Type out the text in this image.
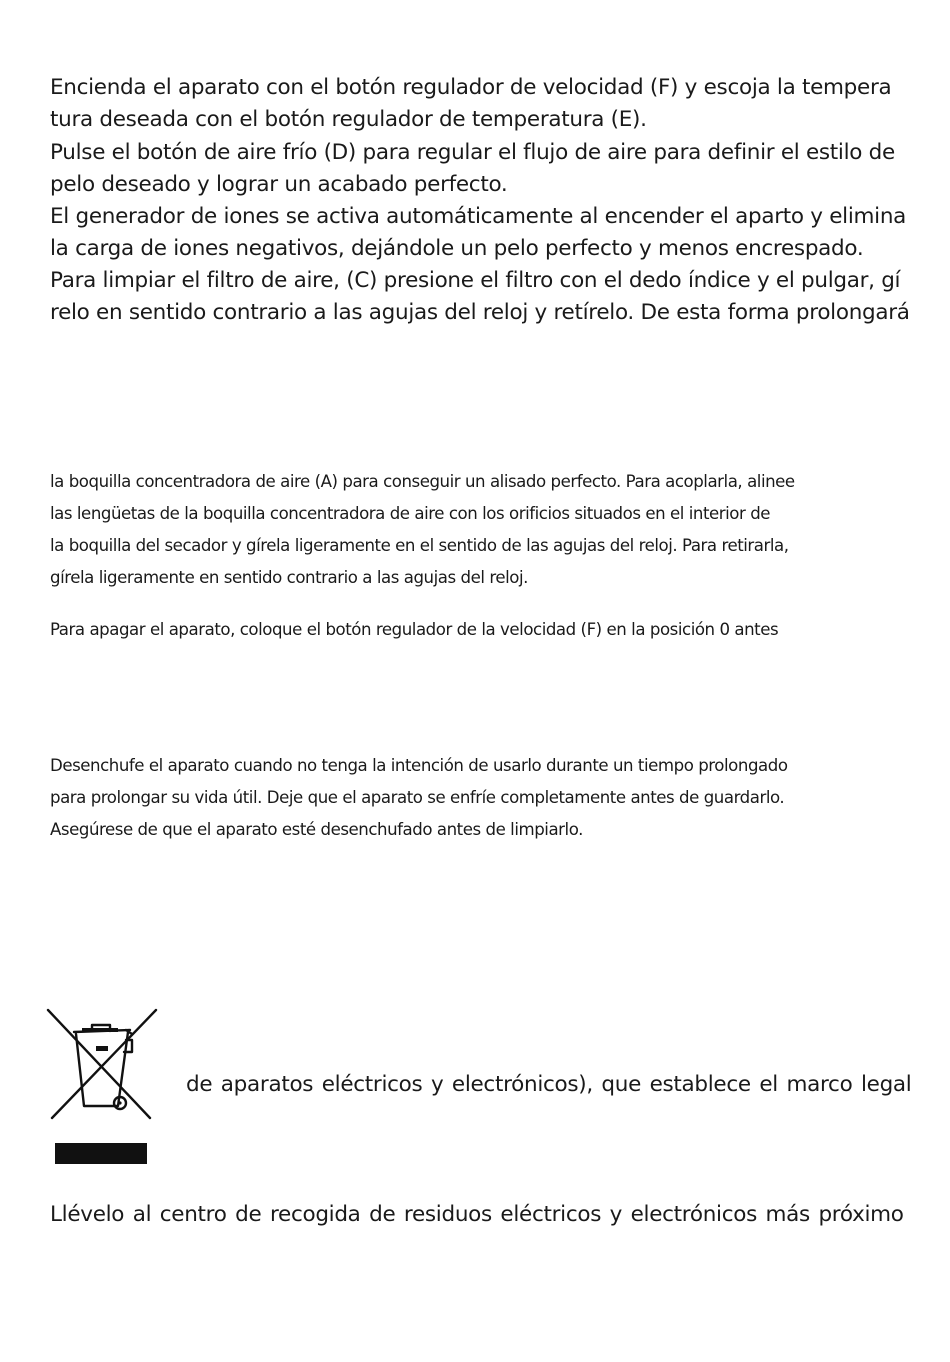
Encienda el aparato con el botón regulador de velocidad (F) y escoja la tempera

tura deseada con el botón regulador de temperatura (E).

Pulse el botón de aire frío (D) para regular el flujo de aire para definir el estilo de

pelo deseado y lograr un acabado perfecto.

El generador de iones se activa automáticamente al encender el aparto y elimina

la carga de iones negativos, dejándole un pelo perfecto y menos encrespado.

Para limpiar el filtro de aire, (C) presione el filtro con el dedo índice y el pulgar, gí

relo en sentido contrario a las agujas del reloj y retírelo. De esta forma prolongará

la boquilla concentradora de aire (A) para conseguir un alisado perfecto. Para acoplarla, alinee

las lengüetas de la boquilla concentradora de aire con los orificios situados en el interior de

la boquilla del secador y gírela ligeramente en el sentido de las agujas del reloj. Para retirarla,

gírela ligeramente en sentido contrario a las agujas del reloj.

Para apagar el aparato, coloque el botón regulador de la velocidad (F) en la posición 0 antes

Desenchufe el aparato cuando no tenga la intención de usarlo durante un tiempo prolongado

para prolongar su vida útil. Deje que el aparato se enfríe completamente antes de guardarlo.

Asegúrese de que el aparato esté desenchufado antes de limpiarlo.

de aparatos eléctricos y electrónicos), que establece el marco legal

Llévelo al centro de recogida de residuos eléctricos y electrónicos más próximo
